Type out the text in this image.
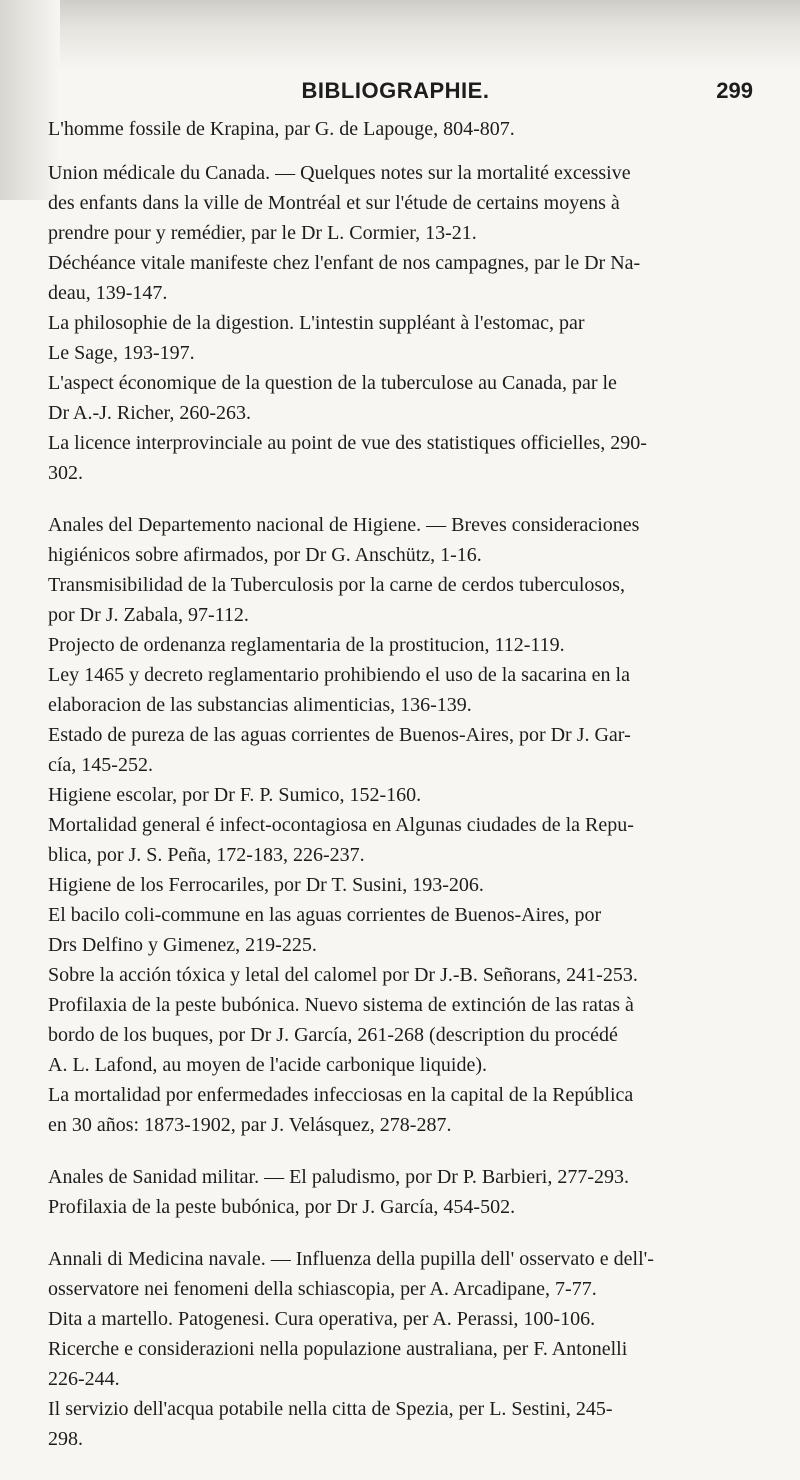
BIBLIOGRAPHIE.	299

L'homme fossile de Krapina, par G. de Lapouge, 804-807.

Union médicale du Canada. — Quelques notes sur la mortalité excessive

des enfants dans la ville de Montréal et sur l'étude de certains moyens à

prendre pour y remédier, par le Dr L. Cormier, 13-21.

Déchéance vitale manifeste chez l'enfant de nos campagnes, par le Dr Na-

deau, 139-147.

La philosophie de la digestion. L'intestin suppléant à l'estomac, par

Le Sage, 193-197.

L'aspect économique de la question de la tuberculose au Canada, par le

Dr A.-J. Richer, 260-263.

La licence interprovinciale au point de vue des statistiques officielles, 290-

302.

Anales del Departemento nacional de Higiene. — Breves consideraciones

higiénicos sobre afirmados, por Dr G. Anschütz, 1-16.

Transmisibilidad de la Tuberculosis por la carne de cerdos tuberculosos,

por Dr J. Zabala, 97-112.

Projecto de ordenanza reglamentaria de la prostitucion, 112-119.

Ley 1465 y decreto reglamentario prohibiendo el uso de la sacarina en la

elaboracion de las substancias alimenticias, 136-139.

Estado de pureza de las aguas corrientes de Buenos-Aires, por Dr J. Gar-

cía, 145-252.

Higiene escolar, por Dr F. P. Sumico, 152-160.

Mortalidad general é infect-ocontagiosa en Algunas ciudades de la Repu-

blica, por J. S. Peña, 172-183, 226-237.

Higiene de los Ferrocariles, por Dr T. Susini, 193-206.

El bacilo coli-commune en las aguas corrientes de Buenos-Aires, por

Drs Delfino y Gimenez, 219-225.

Sobre la acción tóxica y letal del calomel por Dr J.-B. Señorans, 241-253.

Profilaxia de la peste bubónica. Nuevo sistema de extinción de las ratas à

bordo de los buques, por Dr J. García, 261-268 (description du procédé

A. L. Lafond, au moyen de l'acide carbonique liquide).

La mortalidad por enfermedades infecciosas en la capital de la República

en 30 años: 1873-1902, par J. Velásquez, 278-287.

Anales de Sanidad militar. — El paludismo, por Dr P. Barbieri, 277-293.

Profilaxia de la peste bubónica, por Dr J. García, 454-502.

Annali di Medicina navale. — Influenza della pupilla dell' osservato e dell'-

osservatore nei fenomeni della schiascopia, per A. Arcadipane, 7-77.

Dita a martello. Patogenesi. Cura operativa, per A. Perassi, 100-106.

Ricerche e considerazioni nella populazione australiana, per F. Antonelli

226-244.

Il servizio dell'acqua potabile nella citta de Spezia, per L. Sestini, 245-

298.
